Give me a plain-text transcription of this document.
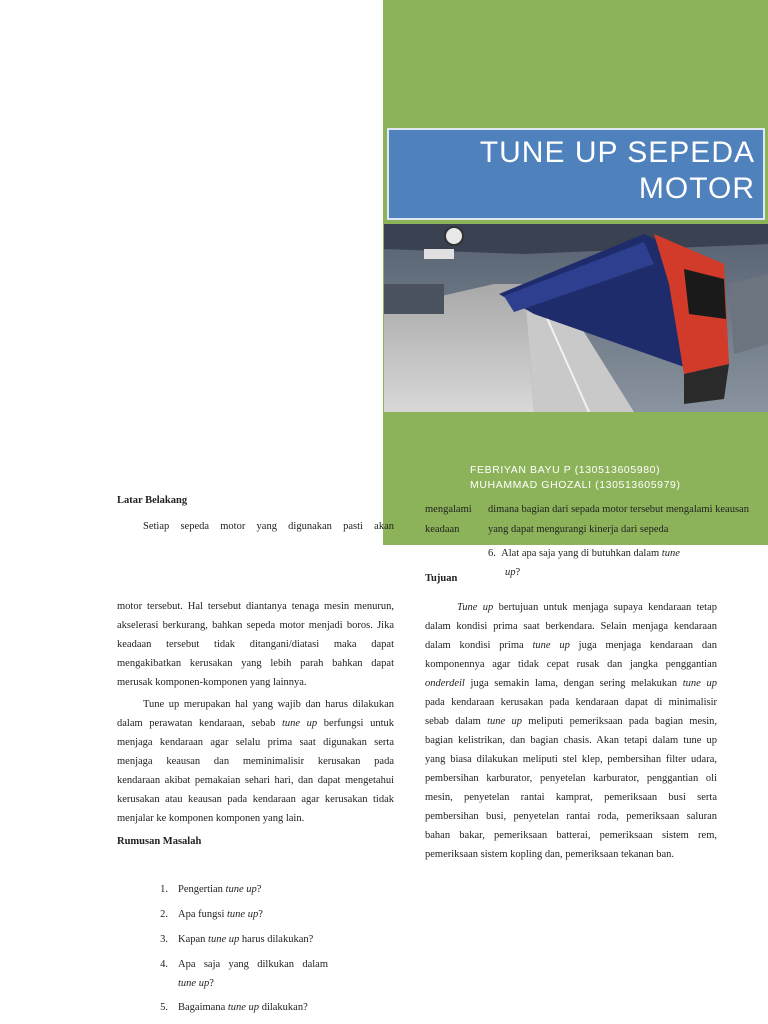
TUNE UP SEPEDA
MOTOR
FEBRIYAN BAYU P (130513605980)
MUHAMMAD GHOZALI (130513605979)
Latar Belakang
Setiap sepeda motor yang digunakan pasti akan
motor tersebut. Hal tersebut diantanya tenaga mesin menurun,
akselerasi berkurang, bahkan sepeda motor menjadi boros. Jika
keadaan tersebut tidak ditangani/diatasi maka dapat
mengakibatkan kerusakan yang lebih parah bahkan dapat
merusak komponen-komponen yang lainnya.
Tune up merupakan hal yang wajib dan harus dilakukan
dalam perawatan kendaraan, sebab tune up berfungsi untuk
menjaga kendaraan agar selalu prima saat digunakan serta
menjaga keausan dan meminimalisir kerusakan pada
kendaraan akibat pemakaian sehari hari, dan dapat mengetahui
kerusakan atau keausan pada kendaraan agar kerusakan tidak
menjalar ke komponen komponen yang lain.
Rumusan Masalah
1. Pengertian tune up?
2. Apa fungsi tune up?
3. Kapan tune up harus dilakukan?
4. Apa saja yang dilkukan dalam
tune up?
5. Bagaimana tune up dilakukan?
mengalami
keadaan
dimana bagian dari sepada motor tersebut mengalami keausan
yang dapat mengurangi kinerja dari sepeda
6. Alat apa saja yang di butuhkan dalam tune
up?
Tujuan
Tune up bertujuan untuk menjaga supaya kendaraan tetap
dalam kondisi prima saat berkendara. Selain menjaga kendaraan
dalam kondisi prima tune up juga menjaga kendaraan dan
komponennya agar tidak cepat rusak dan jangka penggantian
onderdeil juga semakin lama, dengan sering melakukan tune up
pada kendaraan kerusakan pada kendaraan dapat di minimalisir
sebab dalam tune up meliputi pemeriksaan pada bagian mesin,
bagian kelistrikan, dan bagian chasis. Akan tetapi dalam tune up
yang biasa dilakukan meliputi stel klep, pembersihan filter udara,
pembersihan karburator, penyetelan karburator, penggantian oli
mesin, penyetelan rantai kamprat, pemeriksaan busi serta
pembersihan busi, penyetelan rantai roda, pemeriksaan saluran
bahan bakar, pemeriksaan batterai, pemeriksaan sistem rem,
pemeriksaan sistem kopling dan, pemeriksaan tekanan ban.
